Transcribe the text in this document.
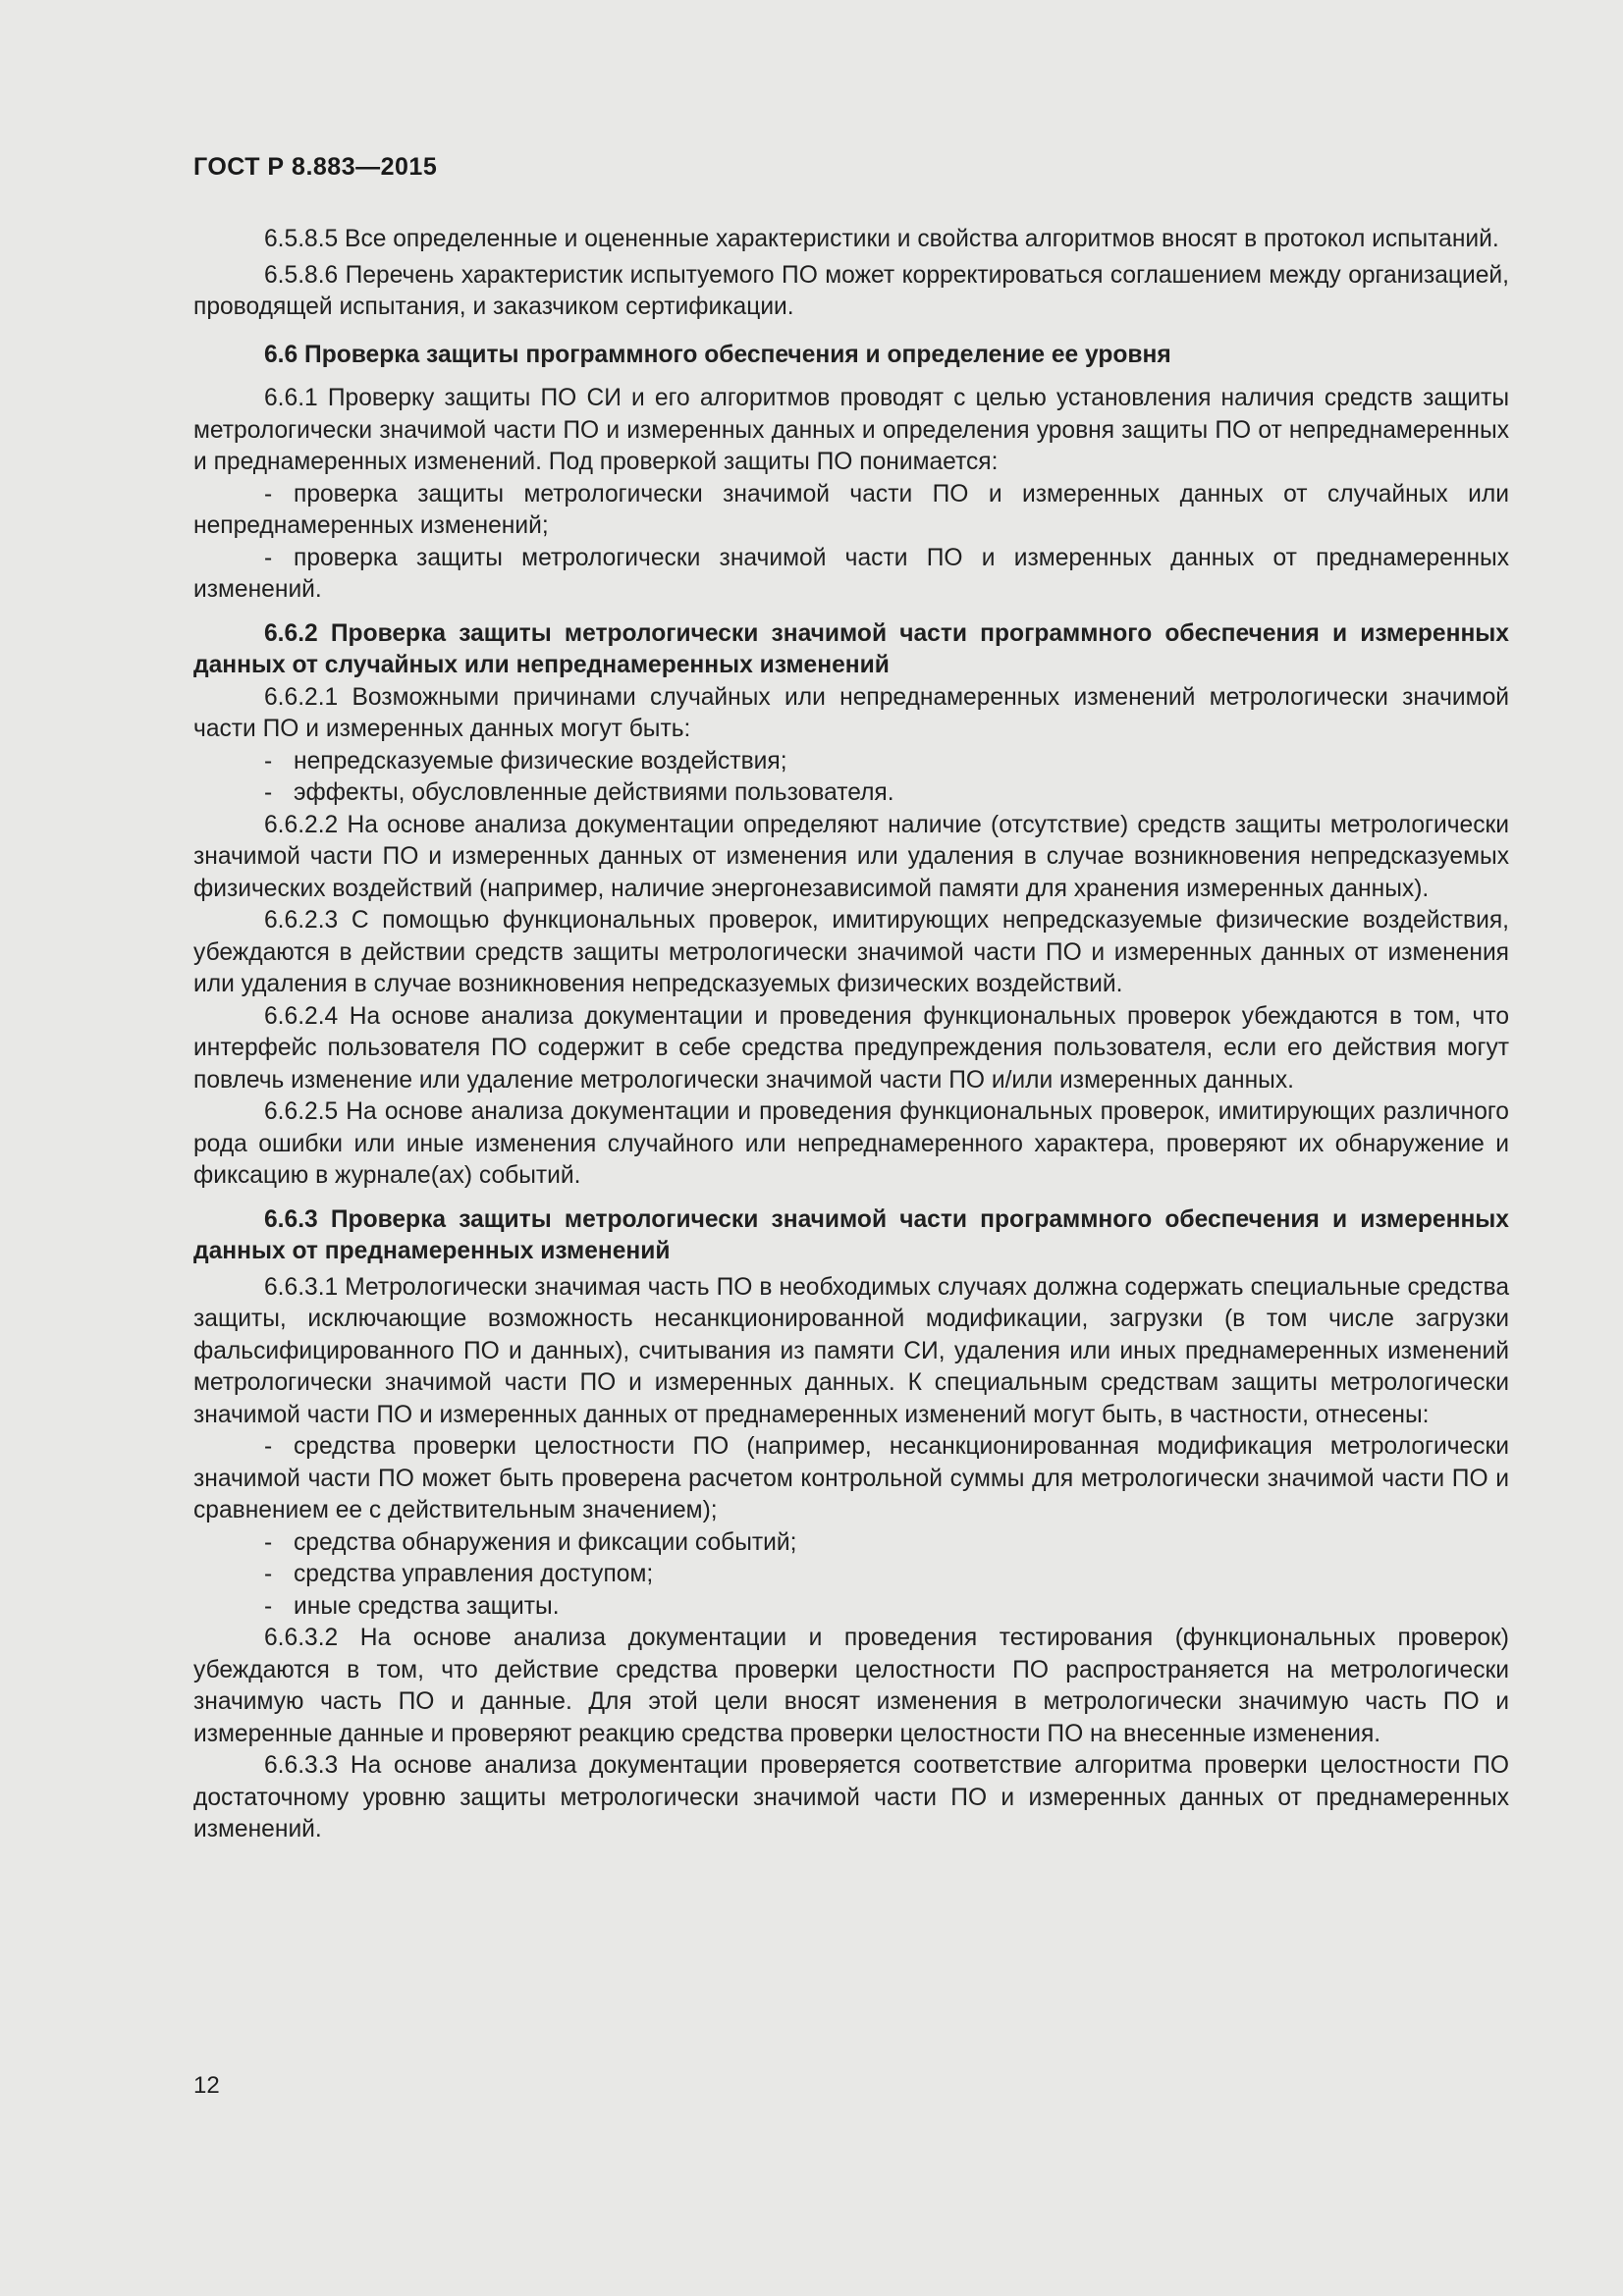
ГОСТ Р 8.883—2015

6.5.8.5 Все определенные и оцененные характеристики и свойства алгоритмов вносят в протокол испытаний.

6.5.8.6 Перечень характеристик испытуемого ПО может корректироваться соглашением между организацией, проводящей испытания, и заказчиком сертификации.

6.6 Проверка защиты программного обеспечения и определение ее уровня

6.6.1 Проверку защиты ПО СИ и его алгоритмов проводят с целью установления наличия средств защиты метрологически значимой части ПО и измеренных данных и определения уровня защиты ПО от непреднамеренных и преднамеренных изменений. Под проверкой защиты ПО понимается:

- проверка защиты метрологически значимой части ПО и измеренных данных от случайных или непреднамеренных изменений;

- проверка защиты метрологически значимой части ПО и измеренных данных от преднамеренных изменений.

6.6.2 Проверка защиты метрологически значимой части программного обеспечения и измеренных данных от случайных или непреднамеренных изменений

6.6.2.1 Возможными причинами случайных или непреднамеренных изменений метрологически значимой части ПО и измеренных данных могут быть:

- непредсказуемые физические воздействия;

- эффекты, обусловленные действиями пользователя.

6.6.2.2 На основе анализа документации определяют наличие (отсутствие) средств защиты метрологически значимой части ПО и измеренных данных от изменения или удаления в случае возникновения непредсказуемых физических воздействий (например, наличие энергонезависимой памяти для хранения измеренных данных).

6.6.2.3 С помощью функциональных проверок, имитирующих непредсказуемые физические воздействия, убеждаются в действии средств защиты метрологически значимой части ПО и измеренных данных от изменения или удаления в случае возникновения непредсказуемых физических воздействий.

6.6.2.4 На основе анализа документации и проведения функциональных проверок убеждаются в том, что интерфейс пользователя ПО содержит в себе средства предупреждения пользователя, если его действия могут повлечь изменение или удаление метрологически значимой части ПО и/или измеренных данных.

6.6.2.5 На основе анализа документации и проведения функциональных проверок, имитирующих различного рода ошибки или иные изменения случайного или непреднамеренного характера, проверяют их обнаружение и фиксацию в журнале(ах) событий.

6.6.3 Проверка защиты метрологически значимой части программного обеспечения и измеренных данных от преднамеренных изменений

6.6.3.1 Метрологически значимая часть ПО в необходимых случаях должна содержать специальные средства защиты, исключающие возможность несанкционированной модификации, загрузки (в том числе загрузки фальсифицированного ПО и данных), считывания из памяти СИ, удаления или иных преднамеренных изменений метрологически значимой части ПО и измеренных данных. К специальным средствам защиты метрологически значимой части ПО и измеренных данных от преднамеренных изменений могут быть, в частности, отнесены:

- средства проверки целостности ПО (например, несанкционированная модификация метрологически значимой части ПО может быть проверена расчетом контрольной суммы для метрологически значимой части ПО и сравнением ее с действительным значением);

- средства обнаружения и фиксации событий;

- средства управления доступом;

- иные средства защиты.

6.6.3.2 На основе анализа документации и проведения тестирования (функциональных проверок) убеждаются в том, что действие средства проверки целостности ПО распространяется на метрологически значимую часть ПО и данные. Для этой цели вносят изменения в метрологически значимую часть ПО и измеренные данные и проверяют реакцию средства проверки целостности ПО на внесенные изменения.

6.6.3.3 На основе анализа документации проверяется соответствие алгоритма проверки целостности ПО достаточному уровню защиты метрологически значимой части ПО и измеренных данных от преднамеренных изменений.

12
